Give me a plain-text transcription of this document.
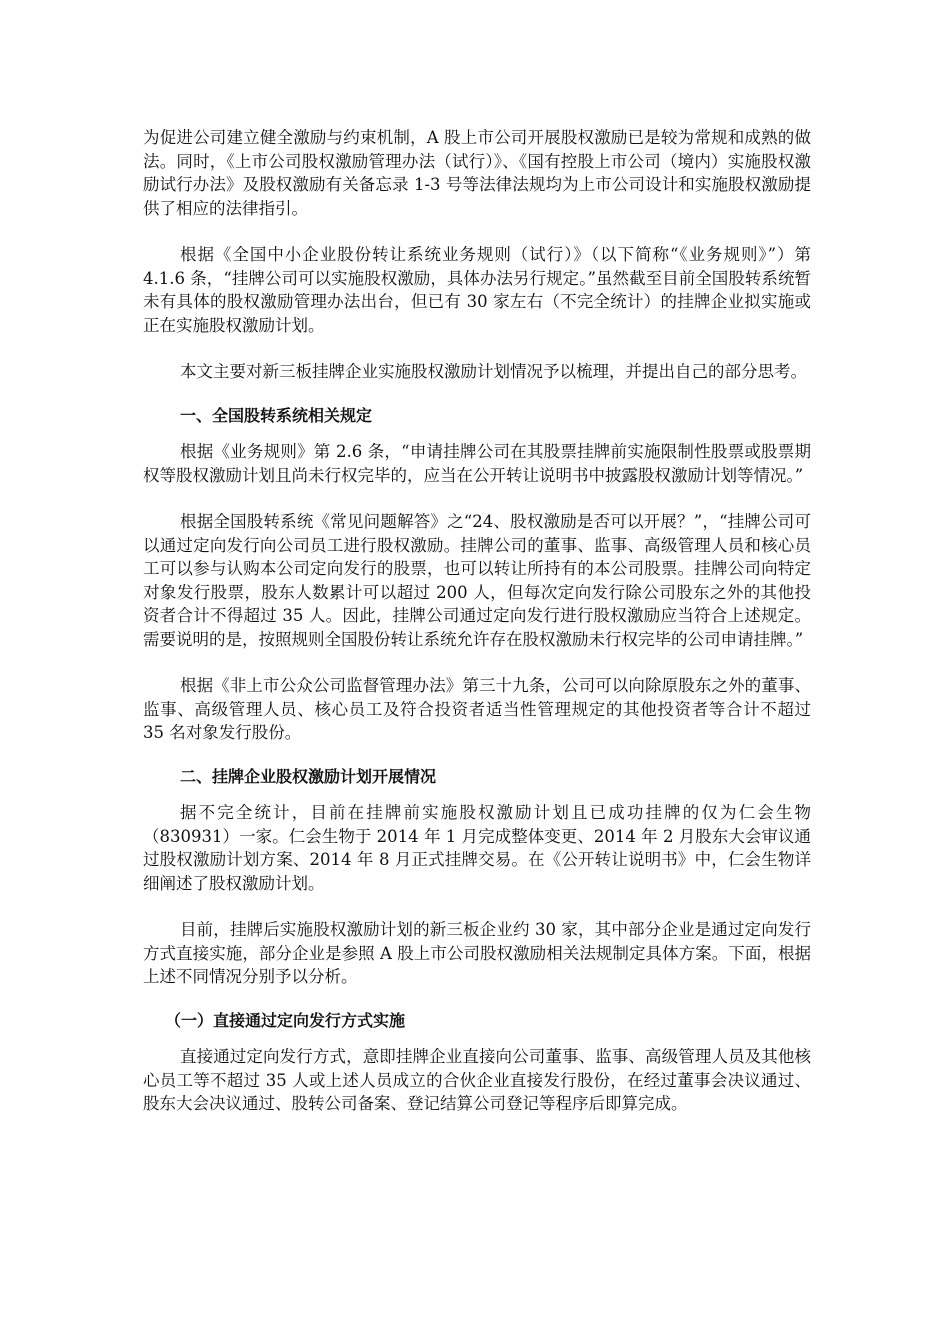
为促进公司建立健全激励与约束机制，A 股上市公司开展股权激励已是较为常规和成熟的做法。同时，《上市公司股权激励管理办法（试行）》、《国有控股上市公司（境内）实施股权激励试行办法》及股权激励有关备忘录 1-3 号等法律法规均为上市公司设计和实施股权激励提供了相应的法律指引。

根据《全国中小企业股份转让系统业务规则（试行）》（以下简称“《业务规则》”）第 4.1.6 条，“挂牌公司可以实施股权激励，具体办法另行规定。”虽然截至目前全国股转系统暂未有具体的股权激励管理办法出台，但已有 30 家左右（不完全统计）的挂牌企业拟实施或正在实施股权激励计划。

本文主要对新三板挂牌企业实施股权激励计划情况予以梳理，并提出自己的部分思考。

一、全国股转系统相关规定

根据《业务规则》第 2.6 条，“申请挂牌公司在其股票挂牌前实施限制性股票或股票期权等股权激励计划且尚未行权完毕的，应当在公开转让说明书中披露股权激励计划等情况。”

根据全国股转系统《常见问题解答》之“24、股权激励是否可以开展？”，“挂牌公司可以通过定向发行向公司员工进行股权激励。挂牌公司的董事、监事、高级管理人员和核心员工可以参与认购本公司定向发行的股票，也可以转让所持有的本公司股票。挂牌公司向特定对象发行股票，股东人数累计可以超过 200 人，但每次定向发行除公司股东之外的其他投资者合计不得超过 35 人。因此，挂牌公司通过定向发行进行股权激励应当符合上述规定。需要说明的是，按照规则全国股份转让系统允许存在股权激励未行权完毕的公司申请挂牌。”

根据《非上市公众公司监督管理办法》第三十九条，公司可以向除原股东之外的董事、监事、高级管理人员、核心员工及符合投资者适当性管理规定的其他投资者等合计不超过 35 名对象发行股份。

二、挂牌企业股权激励计划开展情况

据不完全统计，目前在挂牌前实施股权激励计划且已成功挂牌的仅为仁会生物（830931）一家。仁会生物于 2014 年 1 月完成整体变更、2014 年 2 月股东大会审议通过股权激励计划方案、2014 年 8 月正式挂牌交易。在《公开转让说明书》中，仁会生物详细阐述了股权激励计划。

目前，挂牌后实施股权激励计划的新三板企业约 30 家，其中部分企业是通过定向发行方式直接实施，部分企业是参照 A 股上市公司股权激励相关法规制定具体方案。下面，根据上述不同情况分别予以分析。

（一）直接通过定向发行方式实施

直接通过定向发行方式，意即挂牌企业直接向公司董事、监事、高级管理人员及其他核心员工等不超过 35 人或上述人员成立的合伙企业直接发行股份，在经过董事会决议通过、股东大会决议通过、股转公司备案、登记结算公司登记等程序后即算完成。
